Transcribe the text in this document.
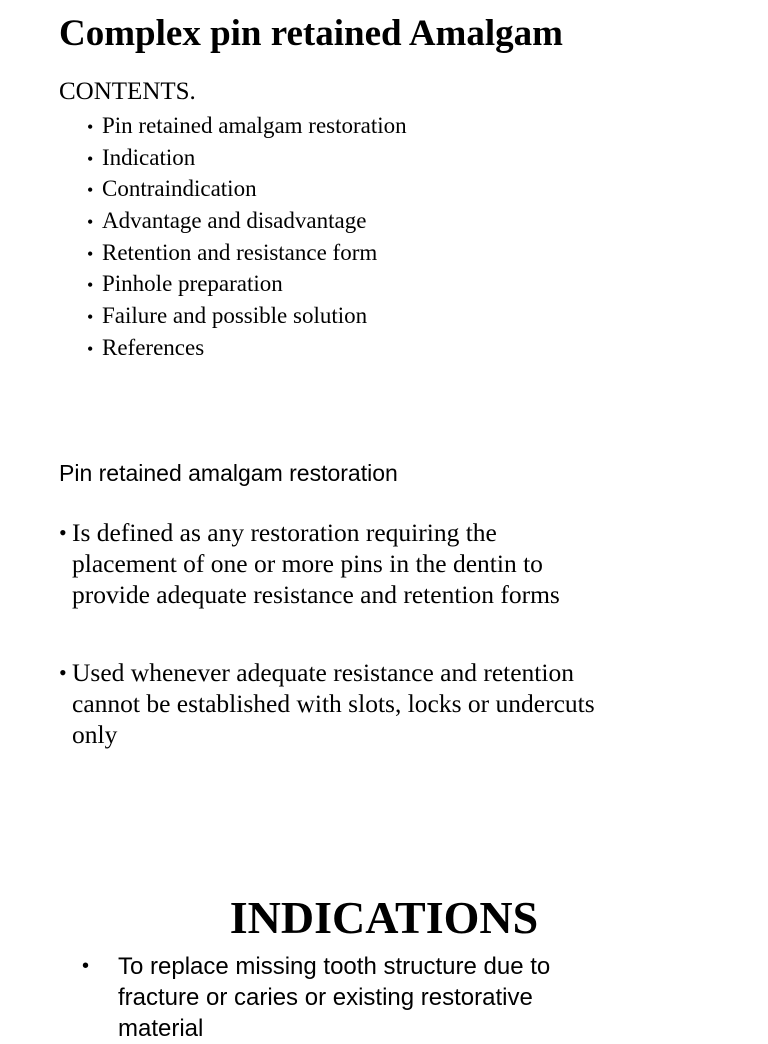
Complex pin retained Amalgam
CONTENTS.
• Pin retained amalgam restoration
• Indication
• Contraindication
• Advantage and disadvantage
• Retention and resistance form
• Pinhole preparation
• Failure and possible solution
• References
Pin retained amalgam restoration
• Is defined as any restoration requiring the
placement of one or more pins in the dentin to
provide adequate resistance and retention forms
• Used whenever adequate resistance and retention
cannot be established with slots, locks or undercuts
only
INDICATIONS
•	To replace missing tooth structure due to
fracture or caries or existing restorative
material
